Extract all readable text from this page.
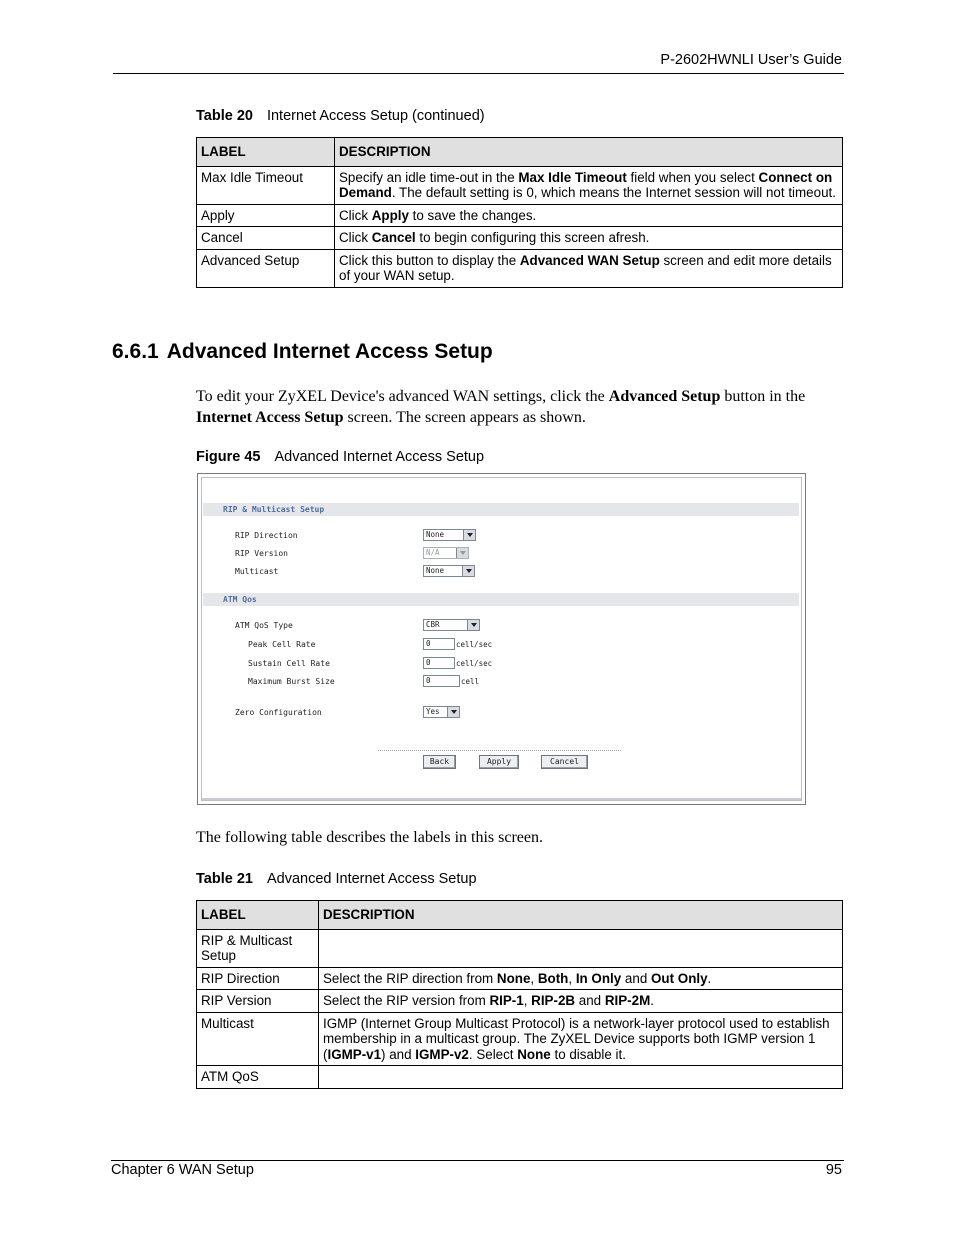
P-2602HWNLI User’s Guide
Table 20 Internet Access Setup (continued)
LABEL	DESCRIPTION
Max Idle Timeout	Specify an idle time-out in the Max Idle Timeout field when you select Connect on Demand. The default setting is 0, which means the Internet session will not timeout.
Apply	Click Apply to save the changes.
Cancel	Click Cancel to begin configuring this screen afresh.
Advanced Setup	Click this button to display the Advanced WAN Setup screen and edit more details of your WAN setup.
6.6.1 Advanced Internet Access Setup
To edit your ZyXEL Device's advanced WAN settings, click the Advanced Setup button in the Internet Access Setup screen. The screen appears as shown.
Figure 45 Advanced Internet Access Setup
RIP & Multicast Setup
RIP Direction	None
RIP Version	N/A
Multicast	None
ATM Qos
ATM QoS Type	CBR
Peak Cell Rate	0	cell/sec
Sustain Cell Rate	0	cell/sec
Maximum Burst Size	0	cell
Zero Configuration	Yes
Back	Apply	Cancel
The following table describes the labels in this screen.
Table 21 Advanced Internet Access Setup
LABEL	DESCRIPTION
RIP & Multicast Setup	
RIP Direction	Select the RIP direction from None, Both, In Only and Out Only.
RIP Version	Select the RIP version from RIP-1, RIP-2B and RIP-2M.
Multicast	IGMP (Internet Group Multicast Protocol) is a network-layer protocol used to establish membership in a multicast group. The ZyXEL Device supports both IGMP version 1 (IGMP-v1) and IGMP-v2. Select None to disable it.
ATM QoS	
Chapter 6 WAN Setup	95
